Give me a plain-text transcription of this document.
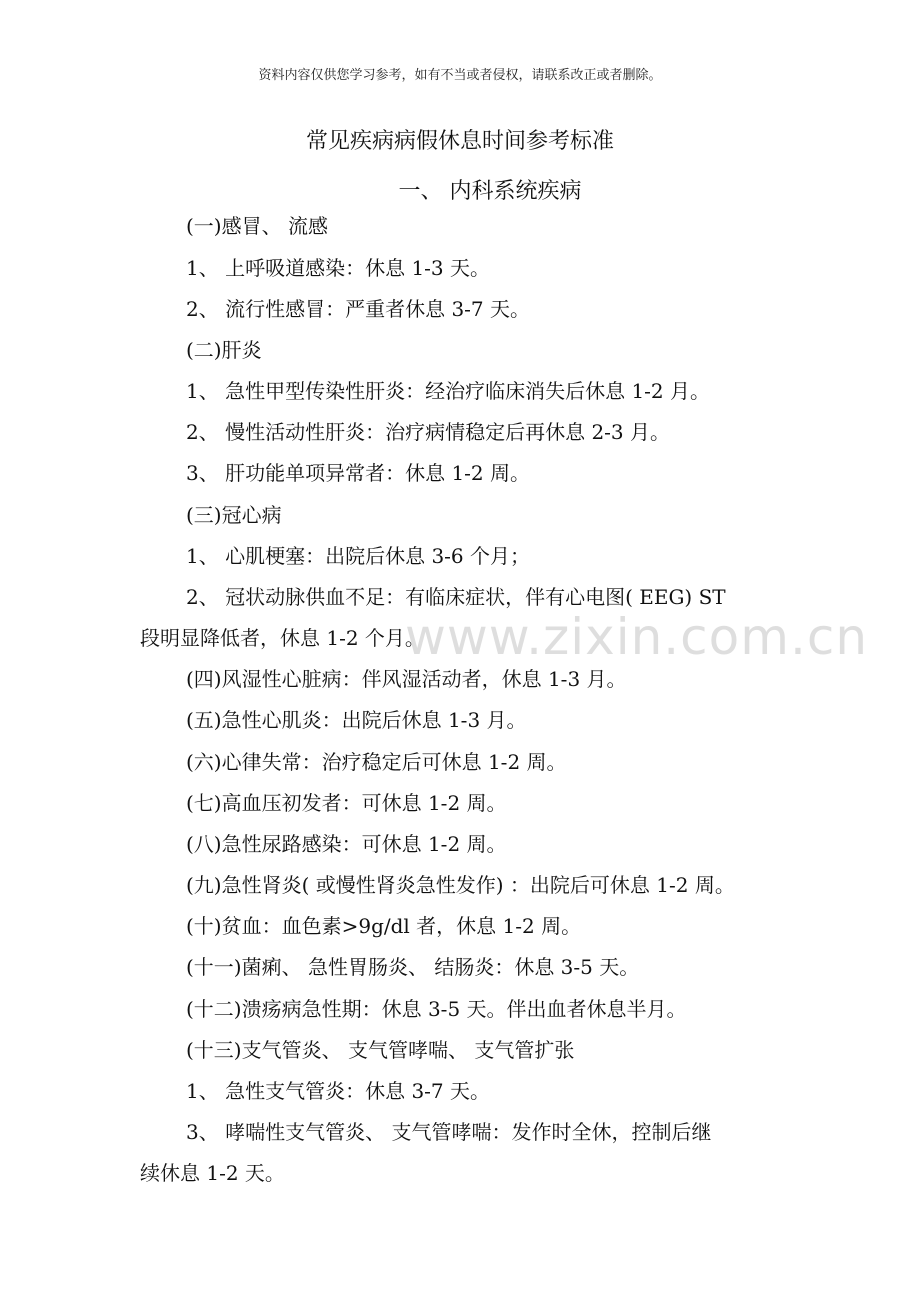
资料内容仅供您学习参考，如有不当或者侵权，请联系改正或者删除。
常见疾病病假休息时间参考标准
一、 内科系统疾病
(一)感冒、 流感
1、 上呼吸道感染：休息 1-3 天。
2、 流行性感冒：严重者休息 3-7 天。
(二)肝炎
1、 急性甲型传染性肝炎：经治疗临床消失后休息 1-2 月。
2、 慢性活动性肝炎：治疗病情稳定后再休息 2-3 月。
3、 肝功能单项异常者：休息 1-2 周。
(三)冠心病
1、 心肌梗塞：出院后休息 3-6 个月；
2、 冠状动脉供血不足：有临床症状，伴有心电图( EEG) ST
段明显降低者，休息 1-2 个月。
(四)风湿性心脏病：伴风湿活动者，休息 1-3 月。
(五)急性心肌炎：出院后休息 1-3 月。
(六)心律失常：治疗稳定后可休息 1-2 周。
(七)高血压初发者：可休息 1-2 周。
(八)急性尿路感染：可休息 1-2 周。
(九)急性肾炎( 或慢性肾炎急性发作) ：出院后可休息 1-2 周。
(十)贫血：血色素>9g/dl 者，休息 1-2 周。
(十一)菌痢、 急性胃肠炎、 结肠炎：休息 3-5 天。
(十二)溃疡病急性期：休息 3-5 天。伴出血者休息半月。
(十三)支气管炎、 支气管哮喘、 支气管扩张
1、 急性支气管炎：休息 3-7 天。
3、 哮喘性支气管炎、 支气管哮喘：发作时全休，控制后继
续休息 1-2 天。
www.zixin.com.cn
